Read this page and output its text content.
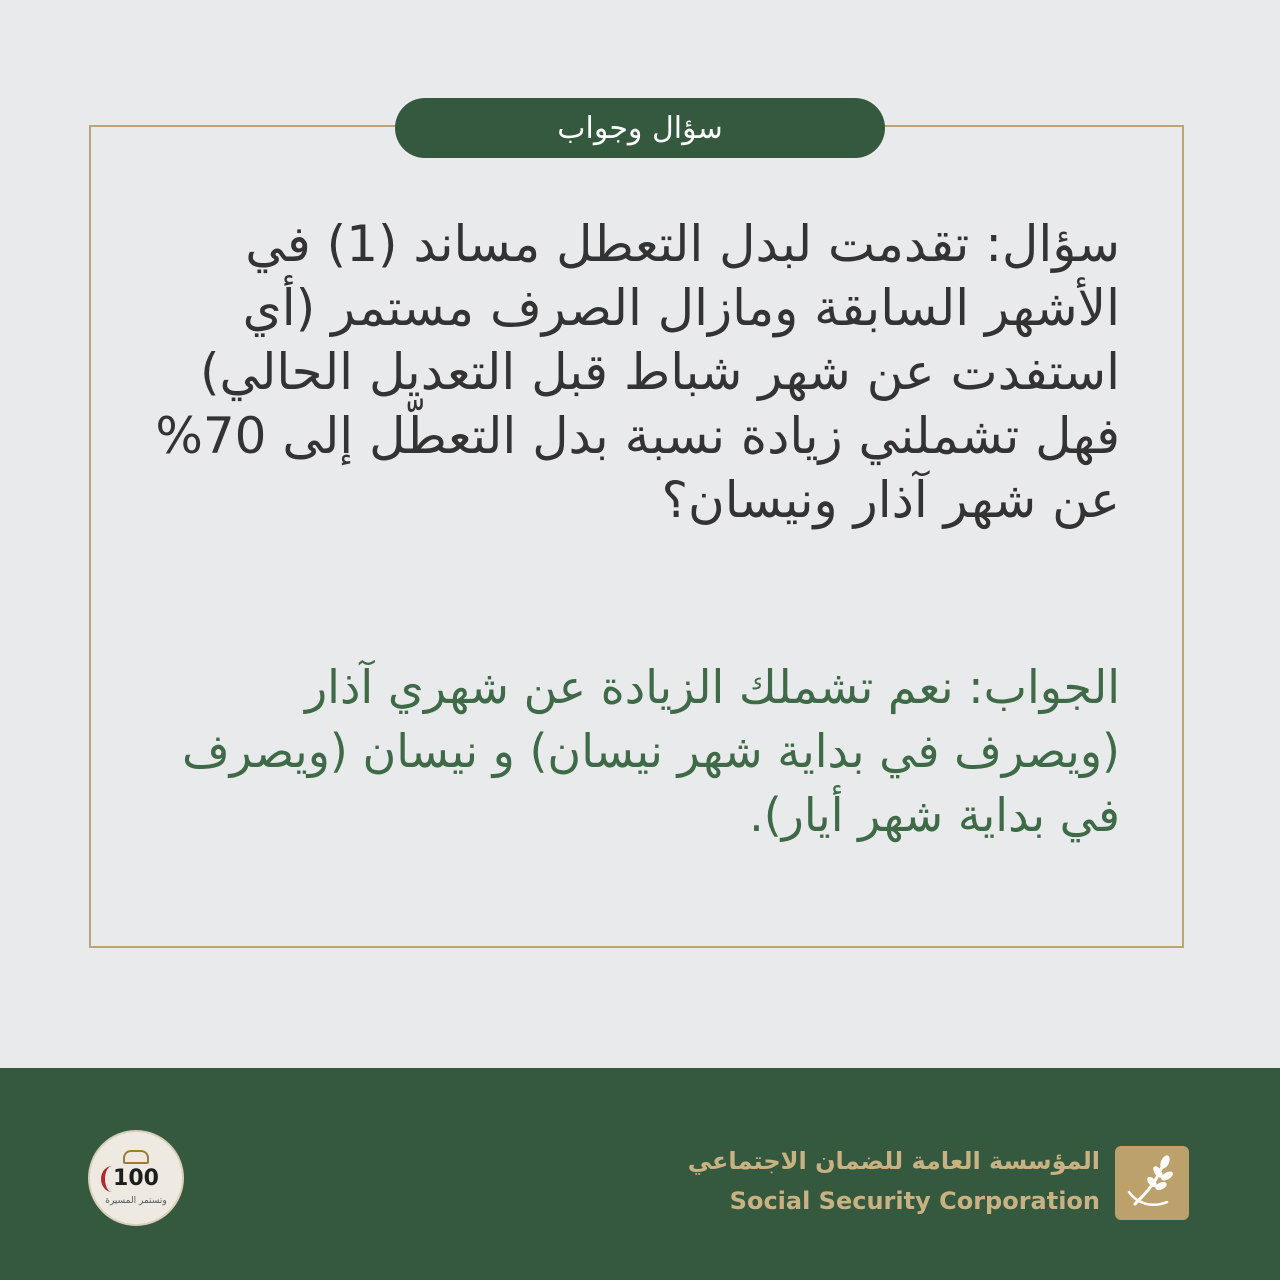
سؤال وجواب

سؤال: تقدمت لبدل التعطل مساند (1) في الأشهر السابقة ومازال الصرف مستمر (أي استفدت عن شهر شباط قبل التعديل الحالي) فهل تشملني زيادة نسبة بدل التعطّل إلى 70% عن شهر آذار ونيسان؟

الجواب: نعم تشملك الزيادة عن شهري آذار (ويصرف في بداية شهر نيسان) و نيسان (ويصرف في بداية شهر أيار).

100
وتستمر المسيرة
المؤسسة العامة للضمان الاجتماعي
Social Security Corporation
